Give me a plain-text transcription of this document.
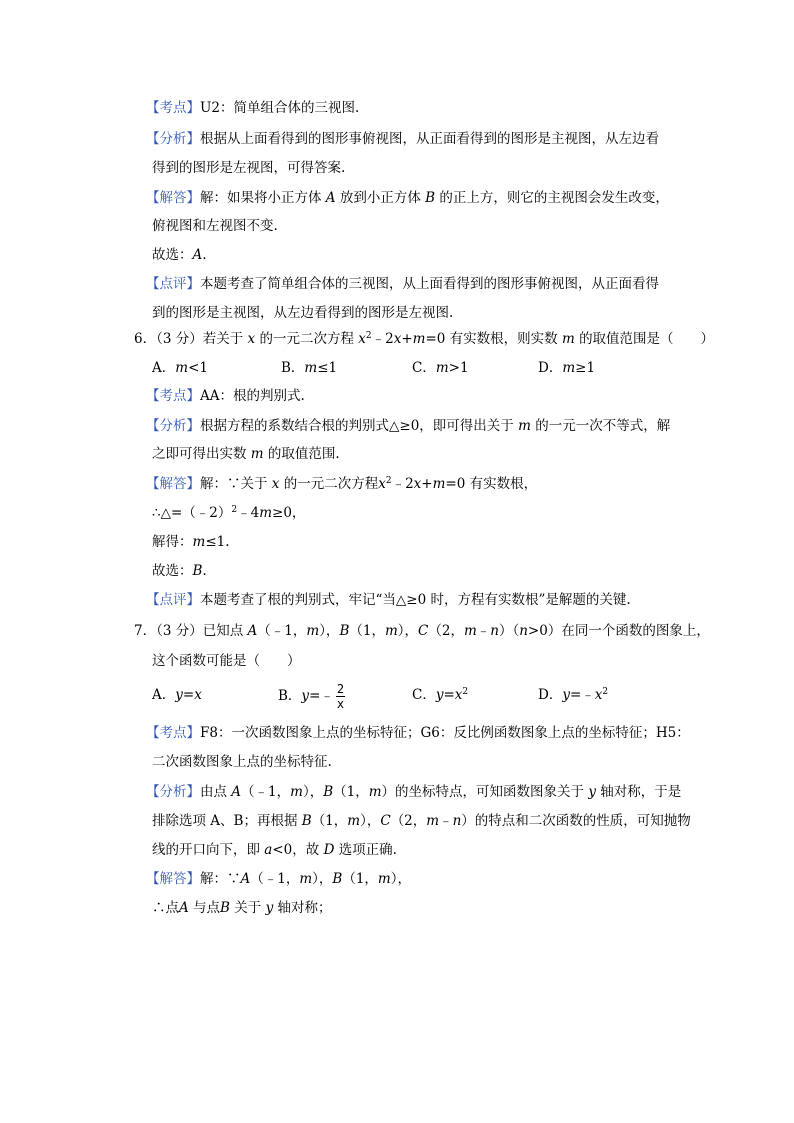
【考点】U2：简单组合体的三视图.
【分析】根据从上面看得到的图形事俯视图，从正面看得到的图形是主视图，从左边看
得到的图形是左视图，可得答案.
【解答】解：如果将小正方体 A 放到小正方体 B 的正上方，则它的主视图会发生改变，
俯视图和左视图不变.
故选：A.
【点评】本题考查了简单组合体的三视图，从上面看得到的图形事俯视图，从正面看得
到的图形是主视图，从左边看得到的图形是左视图.
6．（3 分）若关于 x 的一元二次方程 $x^2﹣2x+m=0$ 有实数根，则实数 m 的取值范围是（　　）
A．m<1	B．m≤1	C．m>1	D．m≥1
【考点】AA：根的判别式.
【分析】根据方程的系数结合根的判别式△≥0，即可得出关于 m 的一元一次不等式，解
之即可得出实数 m 的取值范围.
【解答】解：∵关于 x 的一元二次方程$x^2﹣2x+m=0$ 有实数根，
∴△=（﹣2）$^2$﹣4m≥0，
解得：m≤1.
故选：B.
【点评】本题考查了根的判别式，牢记“当△≥0 时，方程有实数根”是解题的关键.
7．（3 分）已知点 A（﹣1，m），B（1，m），C（2，m﹣n）（n>0）在同一个函数的图象上，
这个函数可能是（　　）
A．y=x	B．y=﹣ $\frac{2}{x}$	C．$y=x^2$	D．$y=﹣x^2$
【考点】F8：一次函数图象上点的坐标特征；G6：反比例函数图象上点的坐标特征；H5：
二次函数图象上点的坐标特征.
【分析】由点 A（﹣1，m），B（1，m）的坐标特点，可知函数图象关于 y 轴对称，于是
排除选项 A、B；再根据 B（1，m），C（2，m﹣n）的特点和二次函数的性质，可知抛物
线的开口向下，即 a<0，故 D 选项正确.
【解答】解：∵A（﹣1，m），B（1，m），
∴点A 与点B 关于 y 轴对称；
